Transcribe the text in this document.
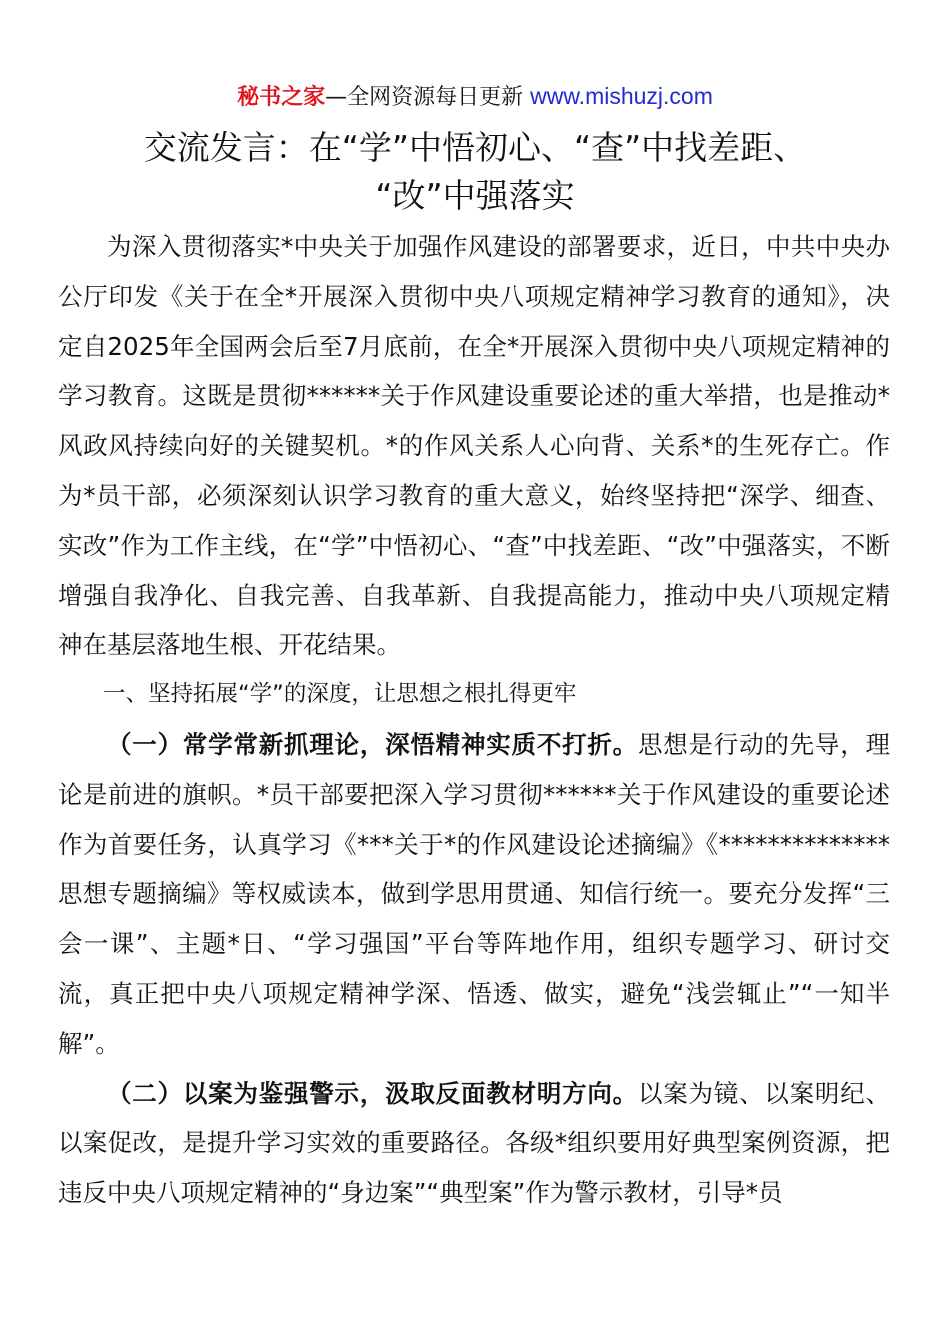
秘书之家—全网资源每日更新 www.mishuzj.com
交流发言：在“学”中悟初心、“查”中找差距、
“改”中强落实

为深入贯彻落实*中央关于加强作风建设的部署要求，近日，中共中央办公厅印发《关于在全*开展深入贯彻中央八项规定精神学习教育的通知》，决定自2025年全国两会后至7月底前，在全*开展深入贯彻中央八项规定精神的学习教育。这既是贯彻******关于作风建设重要论述的重大举措，也是推动*风政风持续向好的关键契机。*的作风关系人心向背、关系*的生死存亡。作为*员干部，必须深刻认识学习教育的重大意义，始终坚持把“深学、细查、实改”作为工作主线，在“学”中悟初心、“查”中找差距、“改”中强落实，不断增强自我净化、自我完善、自我革新、自我提高能力，推动中央八项规定精神在基层落地生根、开花结果。

一、坚持拓展“学”的深度，让思想之根扎得更牢

（一）常学常新抓理论，深悟精神实质不打折。思想是行动的先导，理论是前进的旗帜。*员干部要把深入学习贯彻******关于作风建设的重要论述作为首要任务，认真学习《***关于*的作风建设论述摘编》《**************思想专题摘编》等权威读本，做到学思用贯通、知信行统一。要充分发挥“三会一课”、主题*日、“学习强国”平台等阵地作用，组织专题学习、研讨交流，真正把中央八项规定精神学深、悟透、做实，避免“浅尝辄止”“一知半解”。

（二）以案为鉴强警示，汲取反面教材明方向。以案为镜、以案明纪、以案促改，是提升学习实效的重要路径。各级*组织要用好典型案例资源，把违反中央八项规定精神的“身边案”“典型案”作为警示教材，引导*员
